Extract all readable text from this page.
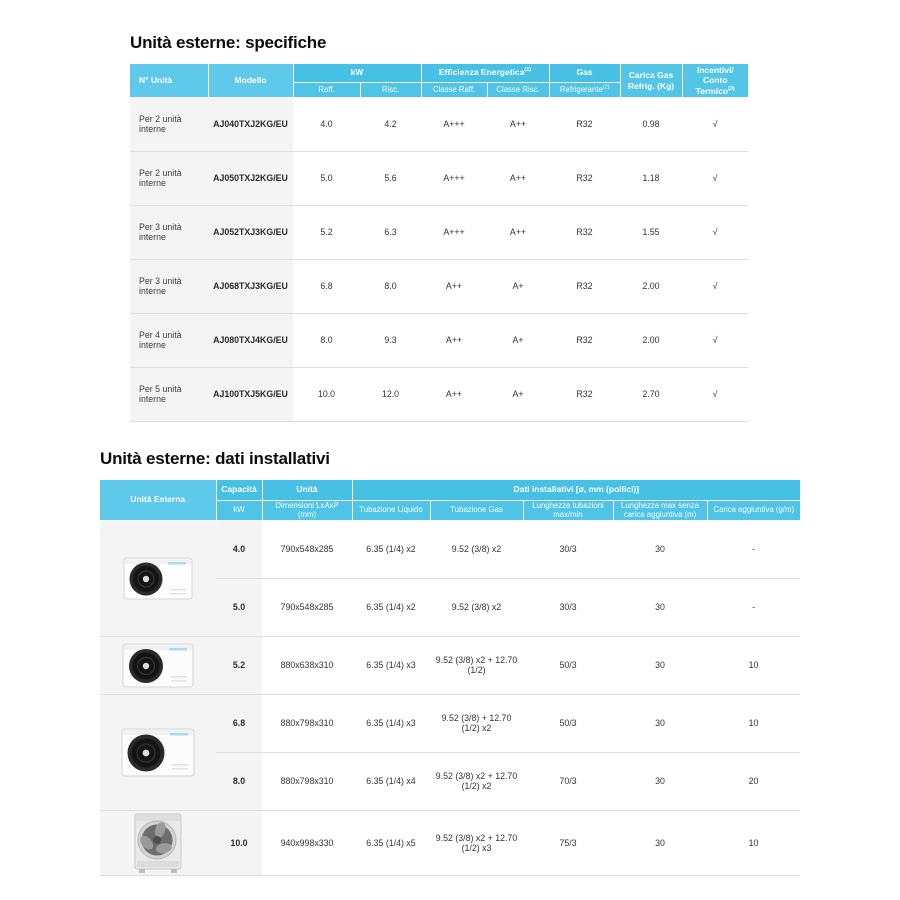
Unità esterne: specifiche
N° Unità	Modello	kW		Efficienza Energetica$^{(1)}$		Gas	Carica Gas
Refrig. (Kg)	Incentivi/
Conto Termico$^{(3)}$
		Raff.	Risc.	Classe Raff.	Classe Risc.	Refrigerante$^{(2)}$
Per 2 unità interne	AJ040TXJ2KG/EU	4.0	4.2	A+++	A++	R32	0.98	√
Per 2 unità interne	AJ050TXJ2KG/EU	5.0	5.6	A+++	A++	R32	1.18	√
Per 3 unità interne	AJ052TXJ3KG/EU	5.2	6.3	A+++	A++	R32	1.55	√
Per 3 unità interne	AJ068TXJ3KG/EU	6.8	8.0	A++	A+	R32	2.00	√
Per 4 unità interne	AJ080TXJ4KG/EU	8.0	9.3	A++	A+	R32	2.00	√
Per 5 unità interne	AJ100TXJ5KG/EU	10.0	12.0	A++	A+	R32	2.70	√
Unità esterne: dati installativi
Unità Esterna	Capacità	Unità	Dati installativi [ø, mm (pollici)]				
	kW	Dimensioni LxAxP (mm)	Tubazione Liquido	Tubazione Gas	Lunghezza tubazioni max/min	Lunghezza max senza carica aggiuntiva (m)	Carica aggiuntiva (g/m)

	4.0	790x548x285	6.35 (1/4) x2	9.52 (3/8) x2	30/3	30	-
	5.0	790x548x285	6.35 (1/4) x2	9.52 (3/8) x2	30/3	30	-

	5.2	880x638x310	6.35 (1/4) x3	9.52 (3/8) x2 + 12.70 (1/2)	50/3	30	10

	6.8	880x798x310	6.35 (1/4) x3	9.52 (3/8) + 12.70 (1/2) x2	50/3	30	10
	8.0	880x798x310	6.35 (1/4) x4	9.52 (3/8) x2 + 12.70 (1/2) x2	70/3	30	20

	10.0	940x998x330	6.35 (1/4) x5	9.52 (3/8) x2 + 12.70 (1/2) x3	75/3	30	10
